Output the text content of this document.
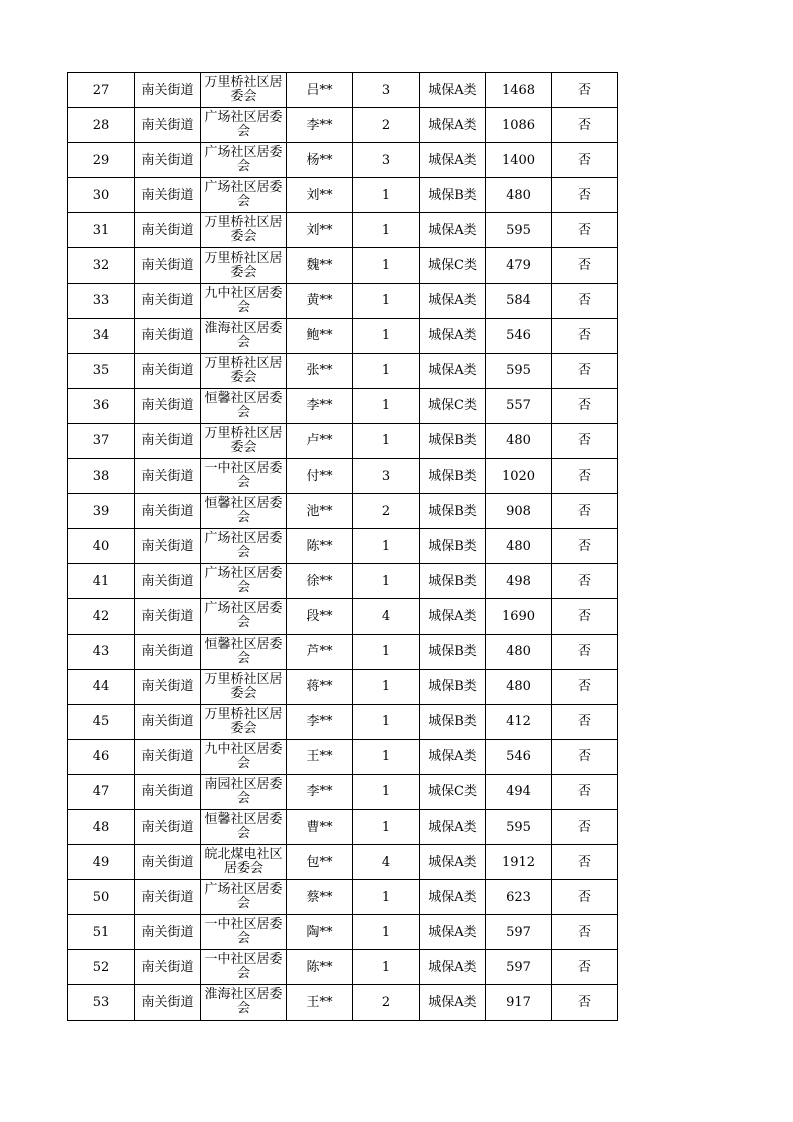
27	南关街道	万里桥社区居委会	吕**	3	城保A类	1468	否
28	南关街道	广场社区居委会	李**	2	城保A类	1086	否
29	南关街道	广场社区居委会	杨**	3	城保A类	1400	否
30	南关街道	广场社区居委会	刘**	1	城保B类	480	否
31	南关街道	万里桥社区居委会	刘**	1	城保A类	595	否
32	南关街道	万里桥社区居委会	魏**	1	城保C类	479	否
33	南关街道	九中社区居委会	黄**	1	城保A类	584	否
34	南关街道	淮海社区居委会	鲍**	1	城保A类	546	否
35	南关街道	万里桥社区居委会	张**	1	城保A类	595	否
36	南关街道	恒馨社区居委会	李**	1	城保C类	557	否
37	南关街道	万里桥社区居委会	卢**	1	城保B类	480	否
38	南关街道	一中社区居委会	付**	3	城保B类	1020	否
39	南关街道	恒馨社区居委会	池**	2	城保B类	908	否
40	南关街道	广场社区居委会	陈**	1	城保B类	480	否
41	南关街道	广场社区居委会	徐**	1	城保B类	498	否
42	南关街道	广场社区居委会	段**	4	城保A类	1690	否
43	南关街道	恒馨社区居委会	芦**	1	城保B类	480	否
44	南关街道	万里桥社区居委会	蒋**	1	城保B类	480	否
45	南关街道	万里桥社区居委会	李**	1	城保B类	412	否
46	南关街道	九中社区居委会	王**	1	城保A类	546	否
47	南关街道	南园社区居委会	李**	1	城保C类	494	否
48	南关街道	恒馨社区居委会	曹**	1	城保A类	595	否
49	南关街道	皖北煤电社区居委会	包**	4	城保A类	1912	否
50	南关街道	广场社区居委会	蔡**	1	城保A类	623	否
51	南关街道	一中社区居委会	陶**	1	城保A类	597	否
52	南关街道	一中社区居委会	陈**	1	城保A类	597	否
53	南关街道	淮海社区居委会	王**	2	城保A类	917	否
